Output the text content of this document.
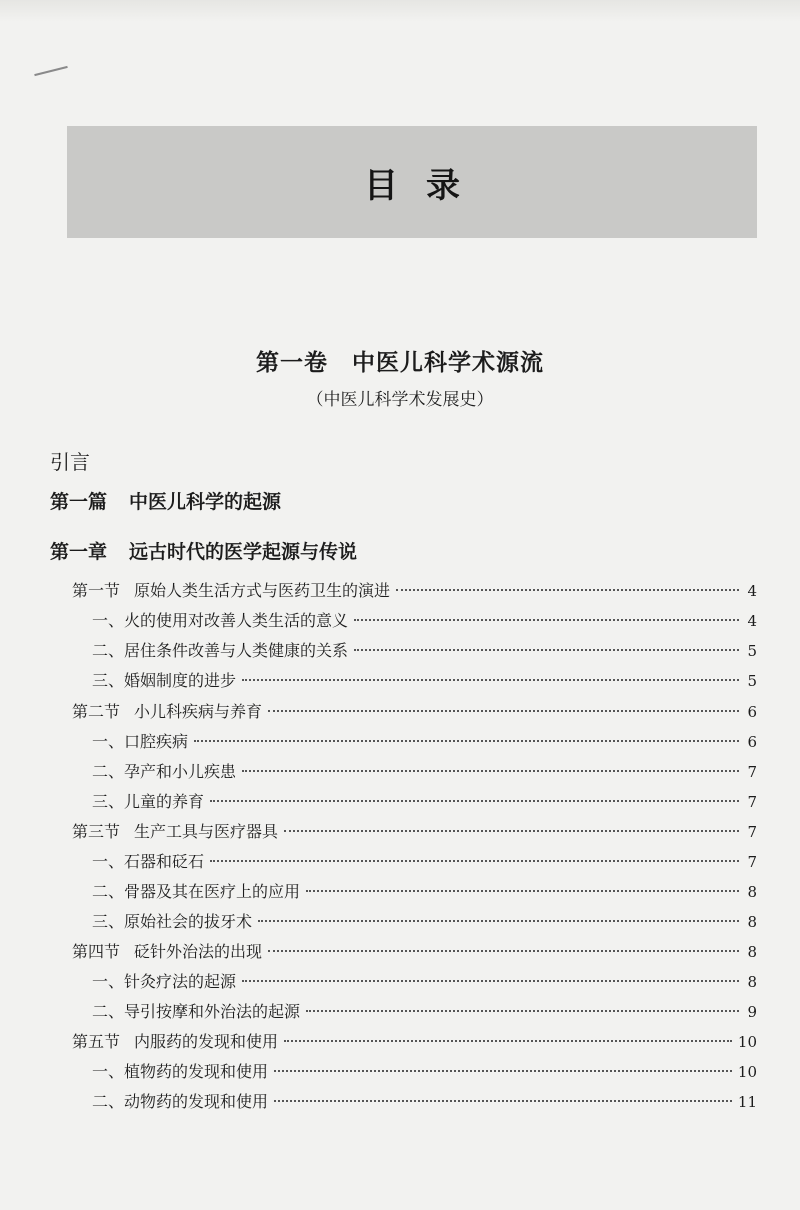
目录
第一卷　中医儿科学术源流
（中医儿科学术发展史）
引言
第一篇 中医儿科学的起源
第一章 远古时代的医学起源与传说
第一节 原始人类生活方式与医药卫生的演进	4
一、火的使用对改善人类生活的意义	4
二、居住条件改善与人类健康的关系	5
三、婚姻制度的进步	5
第二节 小儿科疾病与养育	6
一、口腔疾病	6
二、孕产和小儿疾患	7
三、儿童的养育	7
第三节 生产工具与医疗器具	7
一、石器和砭石	7
二、骨器及其在医疗上的应用	8
三、原始社会的拔牙术	8
第四节 砭针外治法的出现	8
一、针灸疗法的起源	8
二、导引按摩和外治法的起源	9
第五节 内服药的发现和使用	10
一、植物药的发现和使用	10
二、动物药的发现和使用	11
